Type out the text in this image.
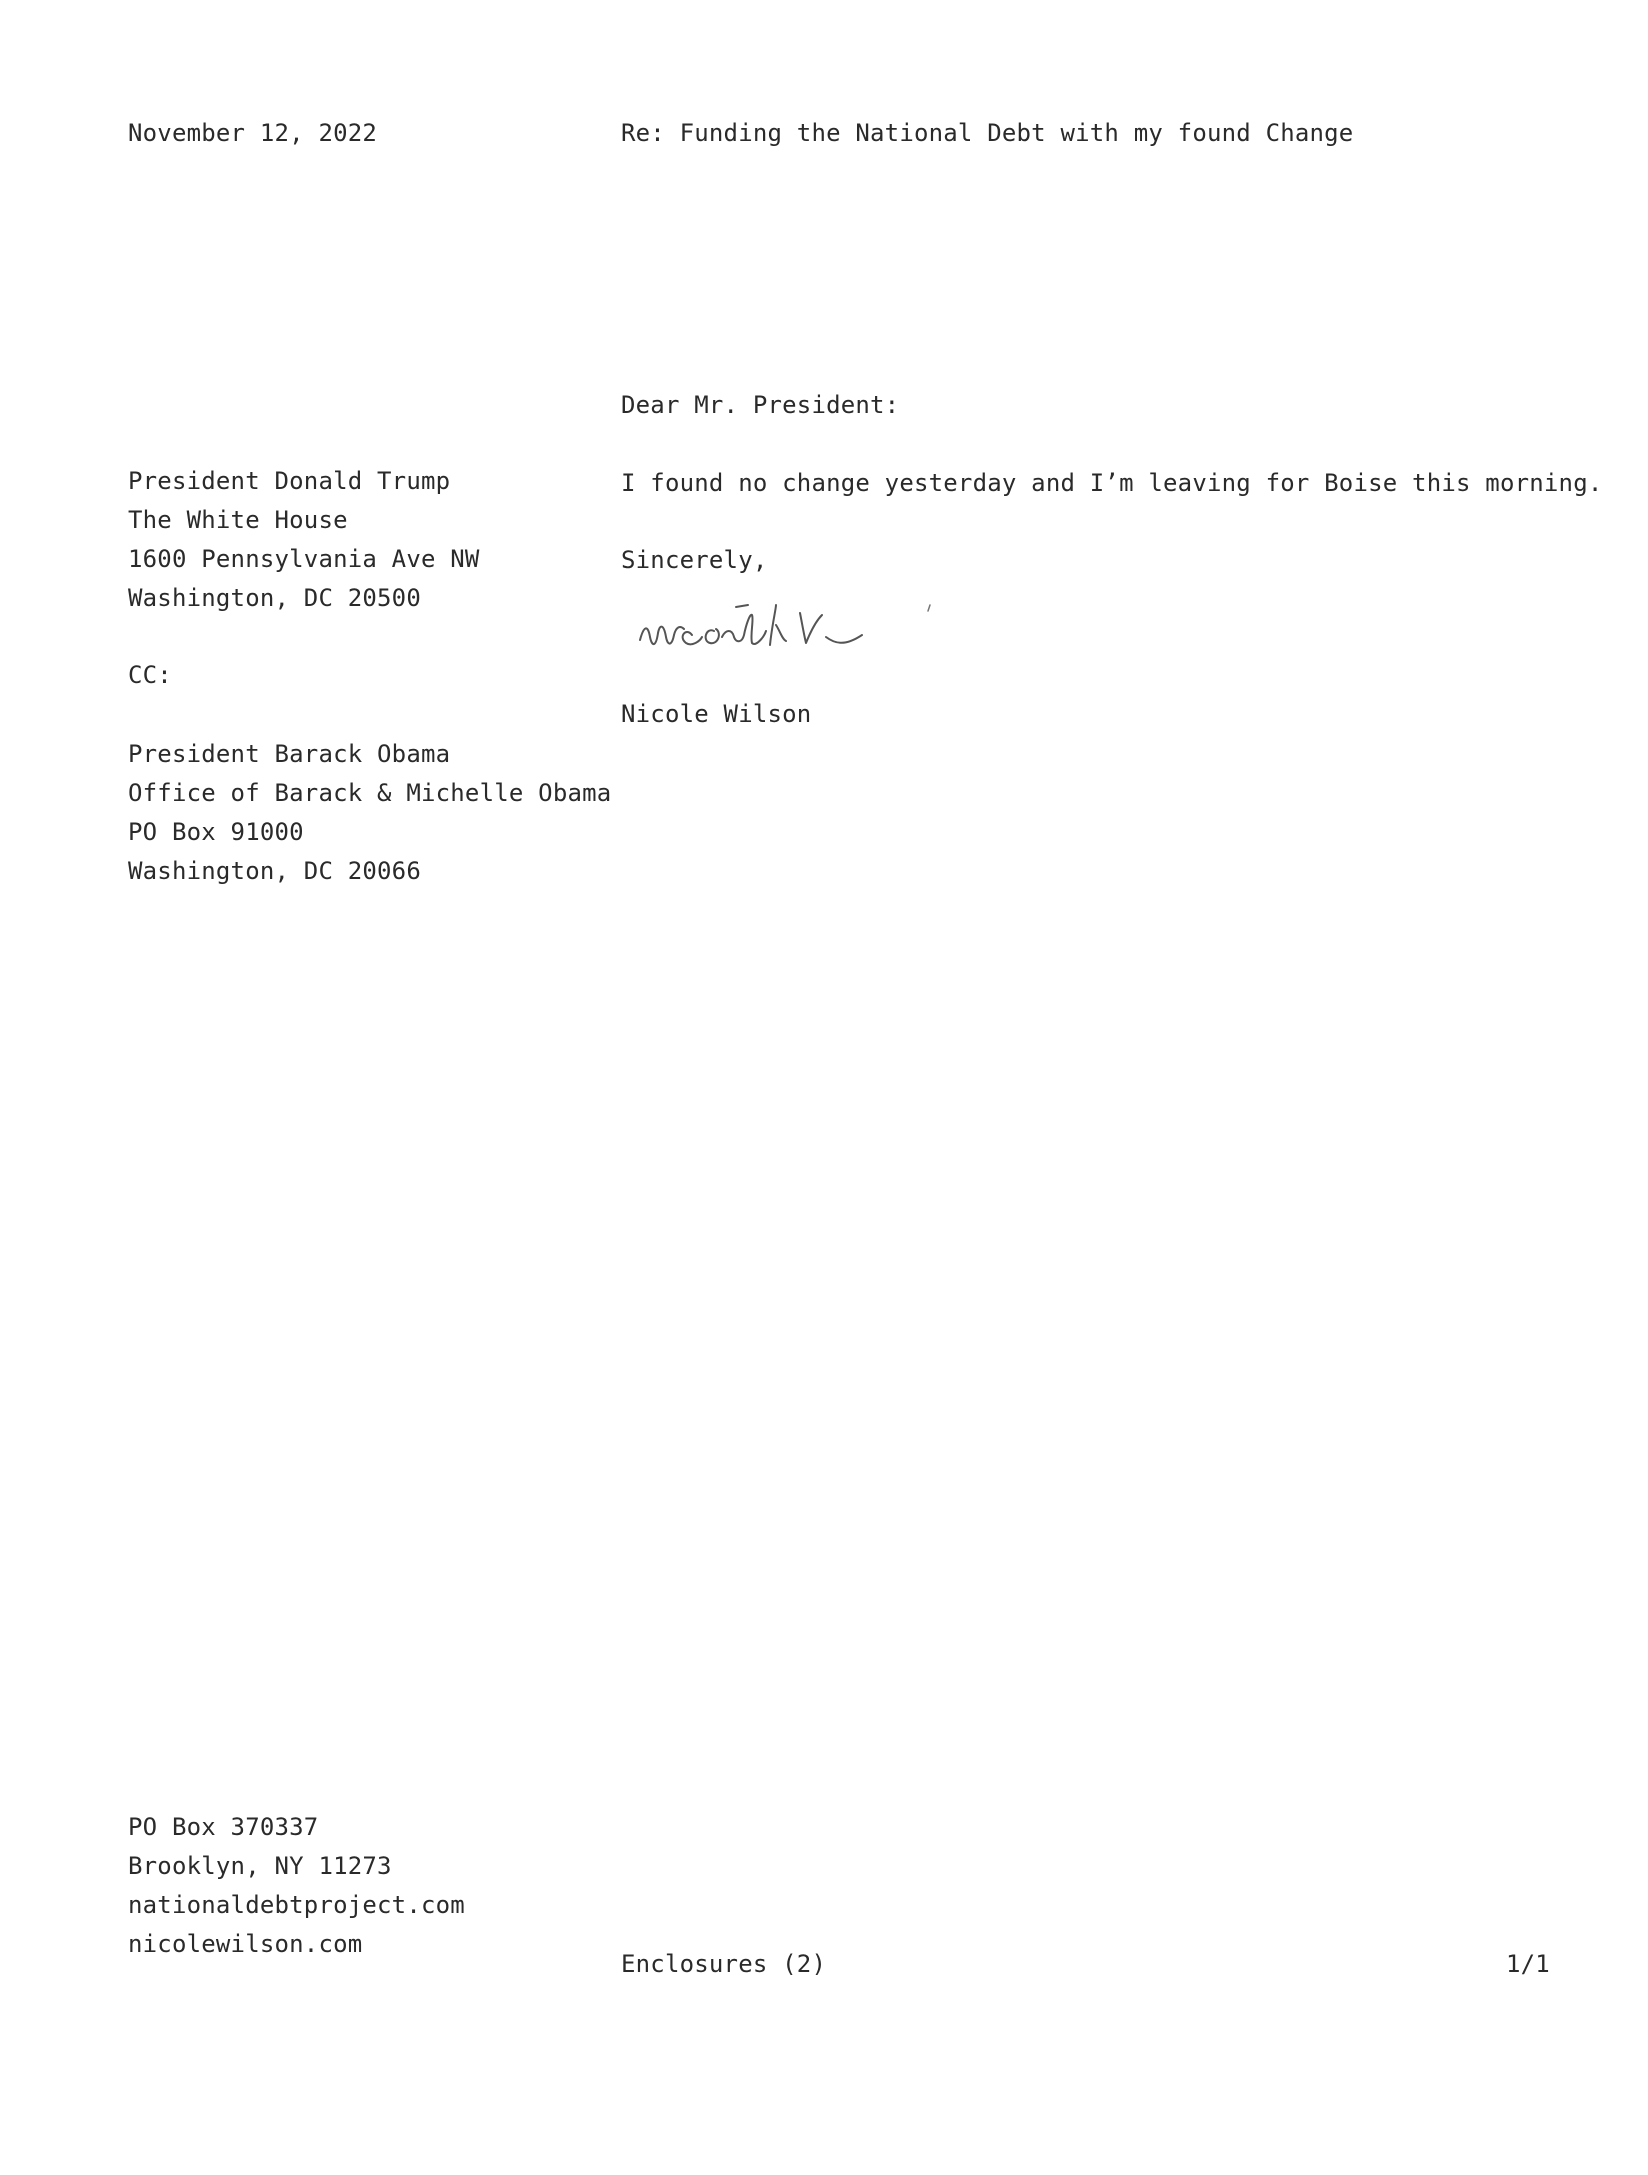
November 12, 2022	Re: Funding the National Debt with my found Change
Dear Mr. President:
President Donald Trump
The White House
1600 Pennsylvania Ave NW
Washington, DC 20500
I found no change yesterday and I’m leaving for Boise this morning.
Sincerely,
CC:
Nicole Wilson
President Barack Obama
Office of Barack & Michelle Obama
PO Box 91000
Washington, DC 20066
PO Box 370337
Brooklyn, NY 11273
nationaldebtproject.com
nicolewilson.com
Enclosures (2)	1/1
